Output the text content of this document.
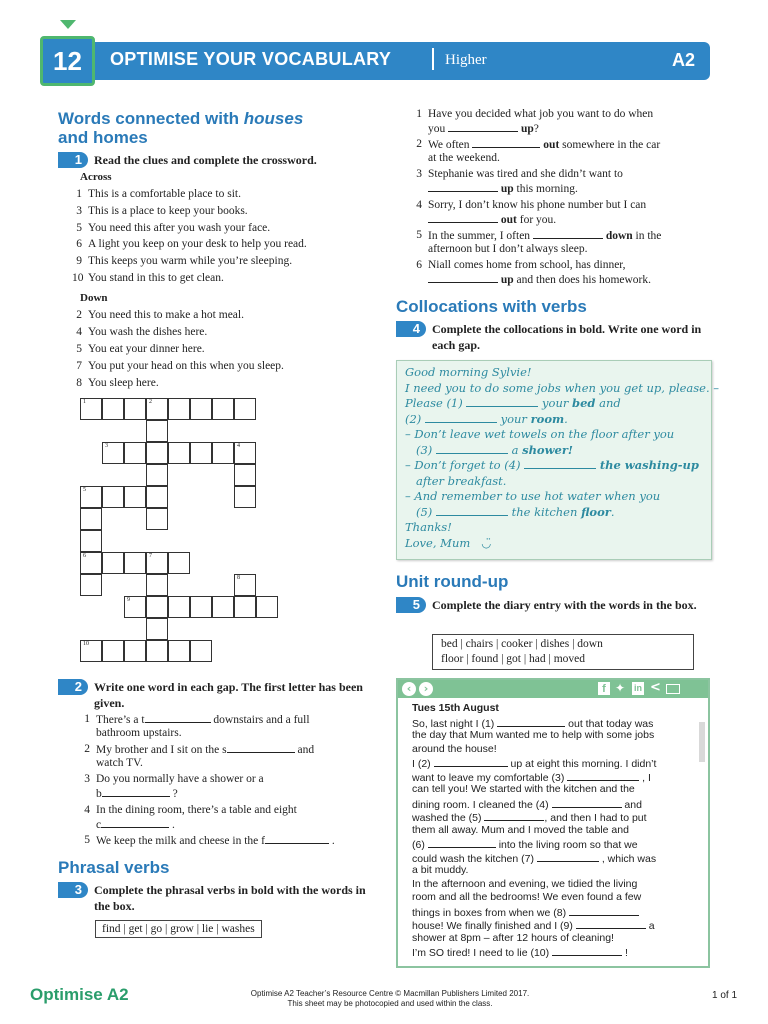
12	OPTIMISE YOUR VOCABULARY	Higher	A2
Words connected with houses
and homes
1	Read the clues and complete the crossword.
Across
1 This is a comfortable place to sit.
3 This is a place to keep your books.
5 You need this after you wash your face.
6 A light you keep on your desk to help you read.
9 This keeps you warm while you’re sleeping.
10 You stand in this to get clean.
Down
2 You need this to make a hot meal.
4 You wash the dishes here.
5 You eat your dinner here.
7 You put your head on this when you sleep.
8 You sleep here.
1	2
3	4
5
6	7
8
9
10
2	Write one word in each gap. The first letter has been given.
1 There’s a t	downstairs and a full
bathroom upstairs.
2 My brother and I sit on the s	and
watch TV.
3 Do you normally have a shower or a
b	?
4 In the dining room, there’s a table and eight
c	.
5 We keep the milk and cheese in the f	.
Phrasal verbs
3	Complete the phrasal verbs in bold with the words in the box.
find | get | go | grow | lie | washes
1 Have you decided what job you want to do when
you	up?
2 We often	out somewhere in the car
at the weekend.
3 Stephanie was tired and she didn’t want to
up this morning.
4 Sorry, I don’t know his phone number but I can
out for you.
5 In the summer, I often	down in the
afternoon but I don’t always sleep.
6 Niall comes home from school, has dinner,
up and then does his homework.
Collocations with verbs
4	Complete the collocations in bold. Write one word in each gap.
Good morning Sylvie!
I need you to do some jobs when you get up, please. –
Please (1)	your bed and
(2)	your room.
– Don’t leave wet towels on the floor after you
(3)	a shower!
– Don’t forget to (4)	the washing-up
after breakfast.
– And remember to use hot water when you
(5)	the kitchen floor.
Thanks!
Love, Mum   ◡̈
Unit round-up
5	Complete the diary entry with the words in the box.
bed | chairs | cooker | dishes | down
floor | found | got | had | moved
‹	›	f ✦ in <
Tues 15th August
So, last night I (1)	out that today was
the day that Mum wanted me to help with some jobs
around the house!
I (2)	up at eight this morning. I didn’t
want to leave my comfortable (3)	, I
can tell you! We started with the kitchen and the
dining room. I cleaned the (4)	and
washed the (5)	, and then I had to put
them all away. Mum and I moved the table and
(6)	into the living room so that we
could wash the kitchen (7)	, which was
a bit muddy.
In the afternoon and evening, we tidied the living
room and all the bedrooms! We even found a few
things in boxes from when we (8)
house! We finally finished and I (9)	a
shower at 8pm – after 12 hours of cleaning!
I’m SO tired! I need to lie (10)	!
Optimise A2	Optimise A2 Teacher’s Resource Centre © Macmillan Publishers Limited 2017.
This sheet may be photocopied and used within the class.
1 of 1
